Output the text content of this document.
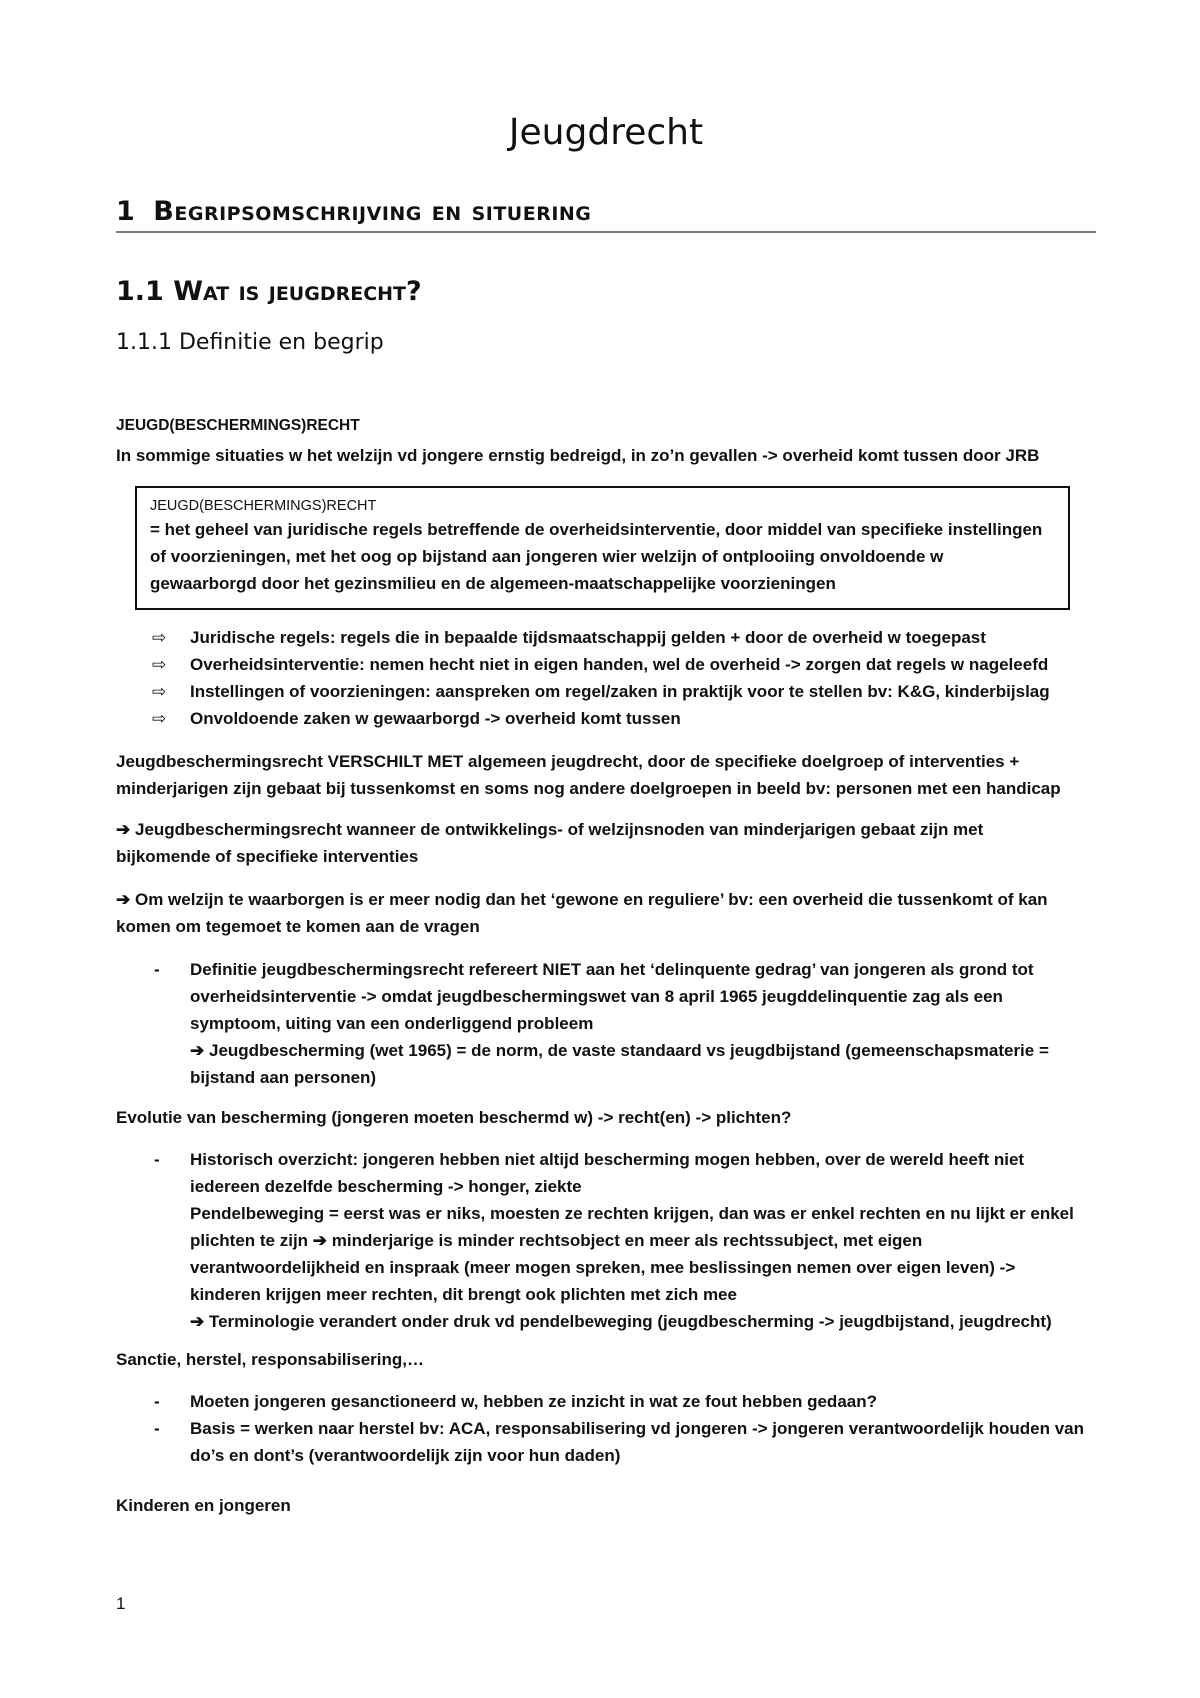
Jeugdrecht
1 Begripsomschrijving en situering
1.1 Wat is jeugdrecht?
1.1.1 Definitie en begrip

JEUGD(BESCHERMINGS)RECHT

In sommige situaties w het welzijn vd jongere ernstig bedreigd, in zo’n gevallen -> overheid komt tussen door JRB

JEUGD(BESCHERMINGS)RECHT
= het geheel van juridische regels betreffende de overheidsinterventie, door middel van specifieke instellingen
of voorzieningen, met het oog op bijstand aan jongeren wier welzijn of ontplooiing onvoldoende w
gewaarborgd door het gezinsmilieu en de algemeen-maatschappelijke voorzieningen
⇨ Juridische regels: regels die in bepaalde tijdsmaatschappij gelden + door de overheid w toegepast
⇨ Overheidsinterventie: nemen hecht niet in eigen handen, wel de overheid -> zorgen dat regels w nageleefd
⇨ Instellingen of voorzieningen: aanspreken om regel/zaken in praktijk voor te stellen bv: K&G, kinderbijslag
⇨ Onvoldoende zaken w gewaarborgd -> overheid komt tussen
Jeugdbeschermingsrecht VERSCHILT MET algemeen jeugdrecht, door de specifieke doelgroep of interventies +
minderjarigen zijn gebaat bij tussenkomst en soms nog andere doelgroepen in beeld bv: personen met een handicap
➔ Jeugdbeschermingsrecht wanneer de ontwikkelings- of welzijnsnoden van minderjarigen gebaat zijn met
bijkomende of specifieke interventies
➔ Om welzijn te waarborgen is er meer nodig dan het ‘gewone en reguliere’ bv: een overheid die tussenkomt of kan
komen om tegemoet te komen aan de vragen
- Definitie jeugdbeschermingsrecht refereert NIET aan het ‘delinquente gedrag’ van jongeren als grond tot
overheidsinterventie -> omdat jeugdbeschermingswet van 8 april 1965 jeugddelinquentie zag als een
symptoom, uiting van een onderliggend probleem
➔ Jeugdbescherming (wet 1965) = de norm, de vaste standaard vs jeugdbijstand (gemeenschapsmaterie =
bijstand aan personen)

Evolutie van bescherming (jongeren moeten beschermd w) -> recht(en) -> plichten?

- Historisch overzicht: jongeren hebben niet altijd bescherming mogen hebben, over de wereld heeft niet
iedereen dezelfde bescherming -> honger, ziekte
Pendelbeweging = eerst was er niks, moesten ze rechten krijgen, dan was er enkel rechten en nu lijkt er enkel
plichten te zijn ➔ minderjarige is minder rechtsobject en meer als rechtssubject, met eigen
verantwoordelijkheid en inspraak (meer mogen spreken, mee beslissingen nemen over eigen leven) ->
kinderen krijgen meer rechten, dit brengt ook plichten met zich mee
➔ Terminologie verandert onder druk vd pendelbeweging (jeugdbescherming -> jeugdbijstand, jeugdrecht)

Sanctie, herstel, responsabilisering,…

- Moeten jongeren gesanctioneerd w, hebben ze inzicht in wat ze fout hebben gedaan?
- Basis = werken naar herstel bv: ACA, responsabilisering vd jongeren -> jongeren verantwoordelijk houden van
do’s en dont’s (verantwoordelijk zijn voor hun daden)

Kinderen en jongeren

1
